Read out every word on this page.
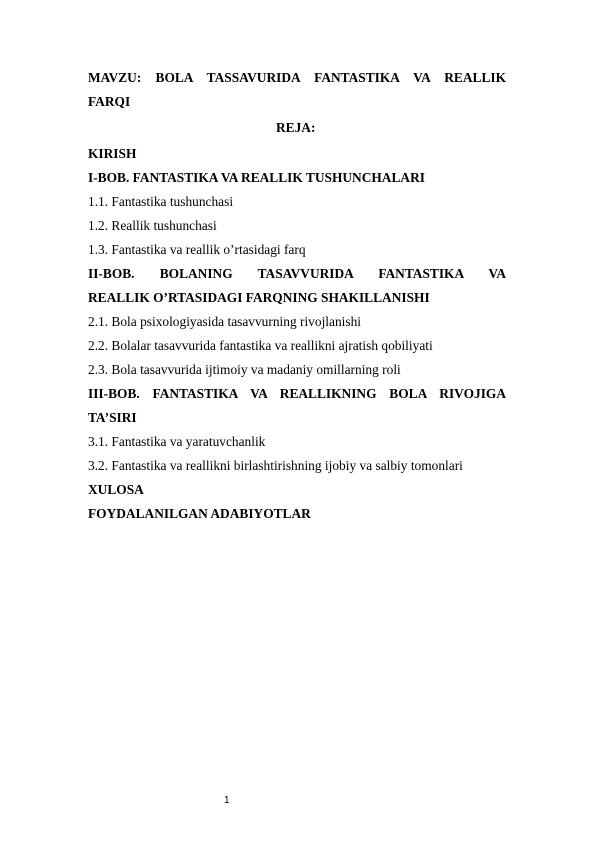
MAVZU: BOLA TASSAVURIDA FANTASTIKA VA REALLIK
FARQI
REJA:
KIRISH
I-BOB. FANTASTIKA VA REALLIK TUSHUNCHALARI
1.1. Fantastika tushunchasi
1.2. Reallik tushunchasi
1.3. Fantastika va reallik o’rtasidagi farq
II-BOB. BOLANING TASAVVURIDA FANTASTIKA VA
REALLIK O’RTASIDAGI FARQNING SHAKILLANISHI
2.1. Bola psixologiyasida tasavvurning rivojlanishi
2.2. Bolalar tasavvurida fantastika va reallikni ajratish qobiliyati
2.3. Bola tasavvurida ijtimoiy va madaniy omillarning roli
III-BOB. FANTASTIKA VA REALLIKNING BOLA RIVOJIGA
TA’SIRI
3.1. Fantastika va yaratuvchanlik
3.2. Fantastika va reallikni birlashtirishning ijobiy va salbiy tomonlari
XULOSA
FOYDALANILGAN ADABIYOTLAR
1
